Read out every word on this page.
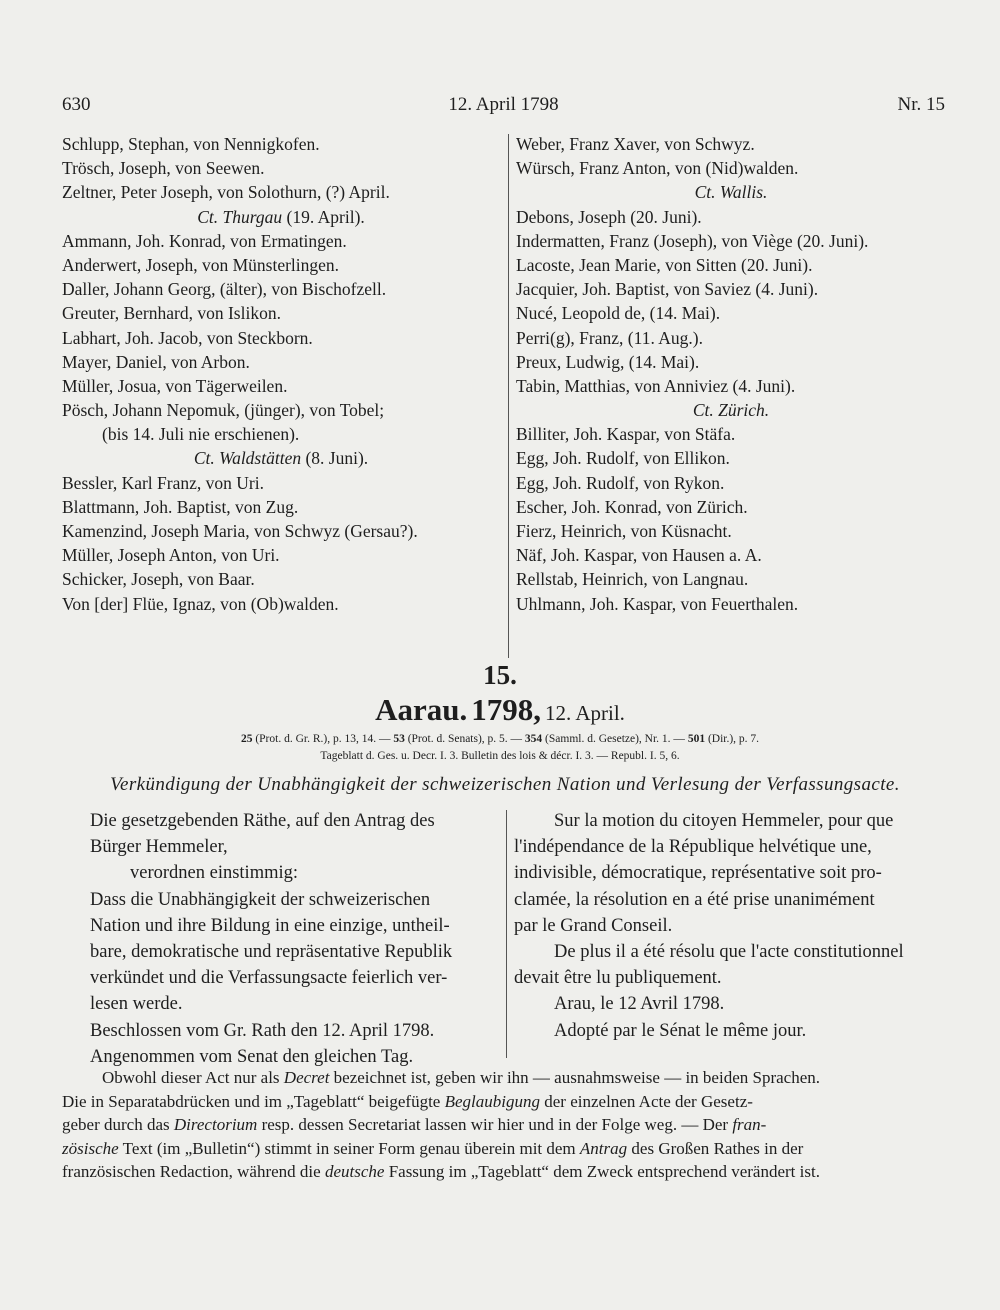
630	12. April 1798	Nr. 15
Schlupp, Stephan, von Nennigkofen.
Trösch, Joseph, von Seewen.
Zeltner, Peter Joseph, von Solothurn, (?) April.
Ct. Thurgau (19. April).
Ammann, Joh. Konrad, von Ermatingen.
Anderwert, Joseph, von Münsterlingen.
Daller, Johann Georg, (älter), von Bischofzell.
Greuter, Bernhard, von Islikon.
Labhart, Joh. Jacob, von Steckborn.
Mayer, Daniel, von Arbon.
Müller, Josua, von Tägerweilen.
Pösch, Johann Nepomuk, (jünger), von Tobel;
(bis 14. Juli nie erschienen).
Ct. Waldstätten (8. Juni).
Bessler, Karl Franz, von Uri.
Blattmann, Joh. Baptist, von Zug.
Kamenzind, Joseph Maria, von Schwyz (Gersau?).
Müller, Joseph Anton, von Uri.
Schicker, Joseph, von Baar.
Von [der] Flüe, Ignaz, von (Ob)walden.
Weber, Franz Xaver, von Schwyz.
Würsch, Franz Anton, von (Nid)walden.
Ct. Wallis.
Debons, Joseph (20. Juni).
Indermatten, Franz (Joseph), von Viège (20. Juni).
Lacoste, Jean Marie, von Sitten (20. Juni).
Jacquier, Joh. Baptist, von Saviez (4. Juni).
Nucé, Leopold de, (14. Mai).
Perri(g), Franz, (11. Aug.).
Preux, Ludwig, (14. Mai).
Tabin, Matthias, von Anniviez (4. Juni).
Ct. Zürich.
Billiter, Joh. Kaspar, von Stäfa.
Egg, Joh. Rudolf, von Ellikon.
Egg, Joh. Rudolf, von Rykon.
Escher, Joh. Konrad, von Zürich.
Fierz, Heinrich, von Küsnacht.
Näf, Joh. Kaspar, von Hausen a. A.
Rellstab, Heinrich, von Langnau.
Uhlmann, Joh. Kaspar, von Feuerthalen.
15.
Aarau. 1798, 12. April.
25 (Prot. d. Gr. R.), p. 13, 14. — 53 (Prot. d. Senats), p. 5. — 354 (Samml. d. Gesetze), Nr. 1. — 501 (Dir.), p. 7.
Tageblatt d. Ges. u. Decr. I. 3. Bulletin des lois & décr. I. 3. — Republ. I. 5, 6.
Verkündigung der Unabhängigkeit der schweizerischen Nation und Verlesung der Verfassungsacte.
Die gesetzgebenden Räthe, auf den Antrag des
Bürger Hemmeler,
verordnen einstimmig:
Dass die Unabhängigkeit der schweizerischen
Nation und ihre Bildung in eine einzige, untheil-
bare, demokratische und repräsentative Republik
verkündet und die Verfassungsacte feierlich ver-
lesen werde.
Beschlossen vom Gr. Rath den 12. April 1798.
Angenommen vom Senat den gleichen Tag.
Sur la motion du citoyen Hemmeler, pour que
l'indépendance de la République helvétique une,
indivisible, démocratique, représentative soit pro-
clamée, la résolution en a été prise unanimément
par le Grand Conseil.
De plus il a été résolu que l'acte constitutionnel
devait être lu publiquement.
Arau, le 12 Avril 1798.
Adopté par le Sénat le même jour.
Obwohl dieser Act nur als Decret bezeichnet ist, geben wir ihn — ausnahmsweise — in beiden Sprachen.
Die in Separatabdrücken und im „Tageblatt“ beigefügte Beglaubigung der einzelnen Acte der Gesetz-
geber durch das Directorium resp. dessen Secretariat lassen wir hier und in der Folge weg. — Der fran-
zösische Text (im „Bulletin“) stimmt in seiner Form genau überein mit dem Antrag des Großen Rathes in der
französischen Redaction, während die deutsche Fassung im „Tageblatt“ dem Zweck entsprechend verändert ist.
